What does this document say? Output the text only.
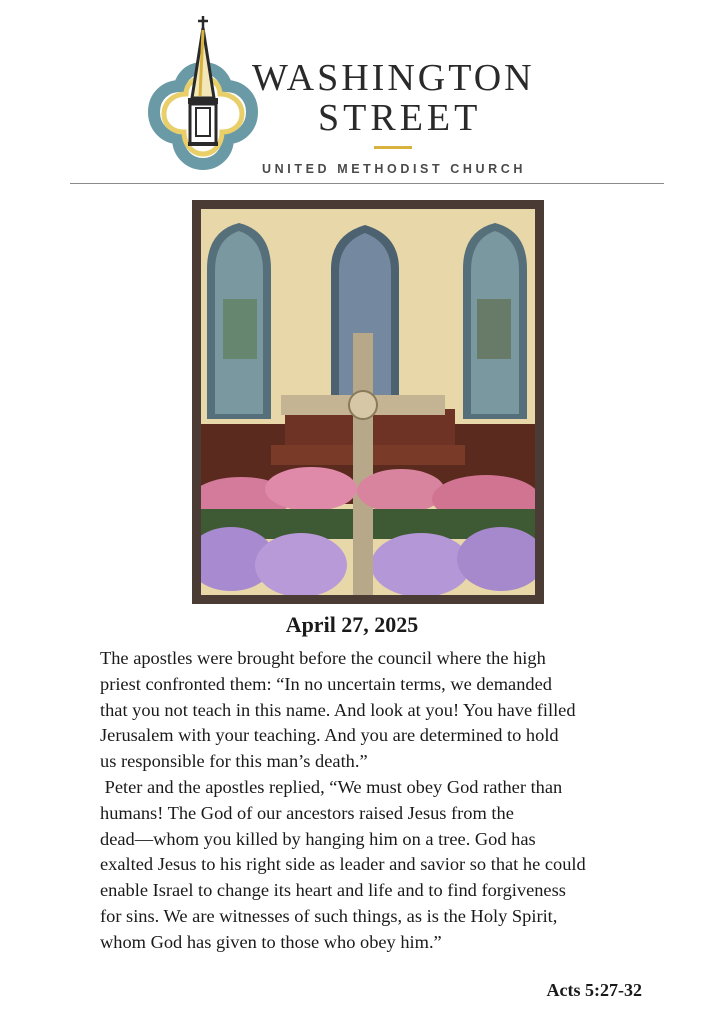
WASHINGTON
STREET
UNITED METHODIST CHURCH
April 27, 2025

The apostles were brought before the council where the high

priest confronted them: “In no uncertain terms, we demanded

that you not teach in this name. And look at you! You have filled

Jerusalem with your teaching. And you are determined to hold

us responsible for this man’s death.”

Peter and the apostles replied, “We must obey God rather than

humans! The God of our ancestors raised Jesus from the

dead—whom you killed by hanging him on a tree. God has

exalted Jesus to his right side as leader and savior so that he could

enable Israel to change its heart and life and to find forgiveness

for sins. We are witnesses of such things, as is the Holy Spirit,

whom God has given to those who obey him.”

Acts 5:27-32
